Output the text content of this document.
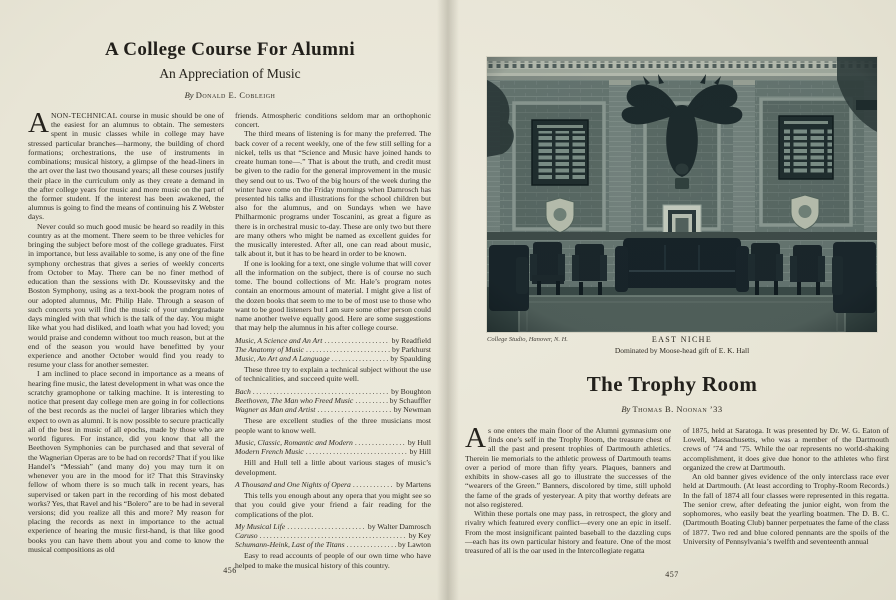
A College Course For Alumni
An Appreciation of Music
By Donald E. Cobleigh

ANON-TECHNICAL course in music should be one of the easiest for an alumnus to obtain. The semesters spent in music classes while in college may have stressed particular branches—harmony, the building of chord formations; orchestrations, the use of instruments in combinations; musical history, a glimpse of the head-liners in the art over the last two thousand years; all these courses justify their place in the curriculum only as they create a demand in the after college years for music and more music on the part of the former student. If the interest has been awakened, the alumnus is going to find the means of continuing his Z Webster days.

Never could so much good music be heard so readily in this country as at the moment. There seem to be three vehicles for bringing the subject before most of the college graduates. First in importance, but less available to some, is any one of the fine symphony orchestras that gives a series of weekly concerts from October to May. There can be no finer method of education than the sessions with Dr. Koussevitsky and the Boston Symphony, using as a text-book the program notes of our adopted alumnus, Mr. Philip Hale. Through a season of such concerts you will find the music of your undergraduate days mingled with that which is the talk of the day. You might like what you had disliked, and loath what you had loved; you would praise and condemn without too much reason, but at the end of the season you would have benefitted by your experience and another October would find you ready to resume your class for another semester.

I am inclined to place second in importance as a means of hearing fine music, the latest development in what was once the scratchy gramophone or talking machine. It is interesting to notice that present day college men are going in for collections of the best records as the nuclei of larger libraries which they expect to own as alumni. It is now possible to secure practically all of the best in music of all epochs, made by those who are world figures. For instance, did you know that all the Beethoven Symphonies can be purchased and that several of the Wagnerian Operas are to be had on records? That if you like Handel’s “Messiah” (and many do) you may turn it on whenever you are in the mood for it? That this Stravinsky fellow of whom there is so much talk in recent years, has supervised or taken part in the recording of his most debated works? Yes, that Ravel and his “Bolero” are to be had in several versions; did you realize all this and more? My reason for placing the records as next in importance to the actual experience of hearing the music first-hand, is that like good books you can have them about you and come to know the musical compositions as old

friends. Atmospheric conditions seldom mar an orthophonic concert.

The third means of listening is for many the preferred. The back cover of a recent weekly, one of the few still selling for a nickel, tells us that “Science and Music have joined hands to create human tone—.” That is about the truth, and credit must be given to the radio for the general improvement in the music they send out to us. Two of the big hours of the week during the winter have come on the Friday mornings when Damrosch has presented his talks and illustrations for the school children but also for the alumnus, and on Sundays when we have Philharmonic programs under Toscanini, as great a figure as there is in orchestral music to-day. These are only two but there are many others who might be named as excellent guides for the musically interested. After all, one can read about music, talk about it, but it has to be heard in order to be known.

If one is looking for a text, one single volume that will cover all the information on the subject, there is of course no such tome. The bound collections of Mr. Hale’s program notes contain an enormous amount of material. I might give a list of the dozen books that seem to me to be of most use to those who want to be good listeners but I am sure some other person could name another twelve equally good. Here are some suggestions that may help the alumnus in his after college course.

Music, A Science and An Art .....	by Readfield
The Anatomy of Music .....	by Parkhurst
Music, An Art and A Language .....	by Spaulding

These three try to explain a technical subject without the use of technicalities, and succeed quite well.

Bach .....	by Boughton
Beethoven, The Man who Freed Music .....	by Schauffler
Wagner as Man and Artist .....	by Newman

These are excellent studies of the three musicians most people want to know well.

Music, Classic, Romantic and Modern .....	by Hull
Modern French Music .....	by Hill

Hill and Hull tell a little about various stages of music’s development.

A Thousand and One Nights of Opera .....	by Martens

This tells you enough about any opera that you might see so that you could give your friend a fair reading for the complications of the plot.

My Musical Life .....	by Walter Damrosch
Caruso .....	by Key
Schumann-Heink, Last of the Titans .....	by Lawton

Easy to read accounts of people of our own time who have helped to make the musical history of this country.

456
College Studio, Hanover, N. H.	EAST NICHE
Dominated by Moose-head gift of E. K. Hall
The Trophy Room
By Thomas B. Noonan ’33

As one enters the main floor of the Alumni gymnasium one finds one’s self in the Trophy Room, the treasure chest of all the past and present trophies of Dartmouth athletics. Therein lie memorials to the athletic prowess of Dartmouth teams over a period of more than fifty years. Plaques, banners and exhibits in show-cases all go to illustrate the successes of the “wearers of the Green.” Banners, discolored by time, still uphold the fame of the grads of yesteryear. A pity that worthy defeats are not also registered.

Within these portals one may pass, in retrospect, the glory and rivalry which featured every conflict—every one an epic in itself. From the most insignificant painted baseball to the dazzling cups—each has its own particular history and feature. One of the most treasured of all is the oar used in the Intercollegiate regatta

of 1875, held at Saratoga. It was presented by Dr. W. G. Eaton of Lowell, Massachusetts, who was a member of the Dartmouth crews of ’74 and ’75. While the oar represents no world-shaking accomplishment, it does give due honor to the athletes who first organized the crew at Dartmouth.

An old banner gives evidence of the only interclass race ever held at Dartmouth. (At least according to Trophy-Room Records.) In the fall of 1874 all four classes were represented in this regatta. The senior crew, after defeating the junior eight, won from the sophomores, who easily beat the yearling boatmen. The D. B. C. (Dartmouth Boating Club) banner perpetuates the fame of the class of 1877. Two red and blue colored pennants are the spoils of the University of Pennsylvania’s twelfth and seventeenth annual

457
